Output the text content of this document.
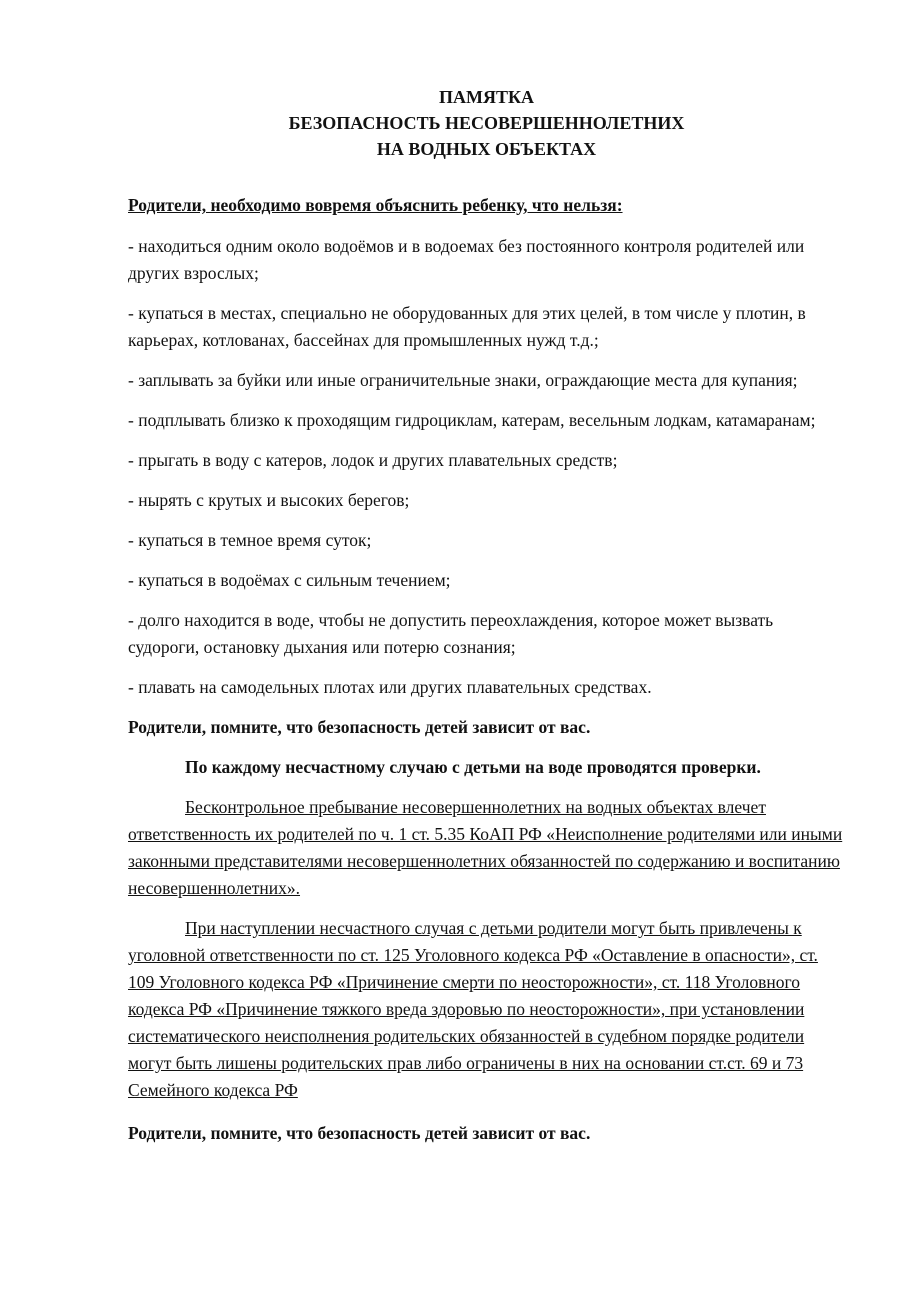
ПАМЯТКА
БЕЗОПАСНОСТЬ НЕСОВЕРШЕННОЛЕТНИХ
НА ВОДНЫХ ОБЪЕКТАХ

Родители, необходимо вовремя объяснить ребенку, что нельзя:

- находиться одним около водоёмов и в водоемах без постоянного контроля родителей или других взрослых;

- купаться в местах, специально не оборудованных для этих целей, в том числе у плотин, в карьерах, котлованах, бассейнах для промышленных нужд т.д.;

- заплывать за буйки или иные ограничительные знаки, ограждающие места для купания;

- подплывать близко к проходящим гидроциклам, катерам, весельным лодкам, катамаранам;

- прыгать в воду с катеров, лодок и других плавательных средств;

- нырять с крутых и высоких берегов;

- купаться в темное время суток;

- купаться в водоёмах с сильным течением;

- долго находится в воде, чтобы не допустить переохлаждения, которое может вызвать судороги, остановку дыхания или потерю сознания;

- плавать на самодельных плотах или других плавательных средствах.

Родители, помните, что безопасность детей зависит от вас.

По каждому несчастному случаю с детьми на воде проводятся проверки.

Бесконтрольное пребывание несовершеннолетних на водных объектах влечет ответственность их родителей по ч. 1 ст. 5.35 КоАП РФ «Неисполнение родителями или иными законными представителями несовершеннолетних обязанностей по содержанию и воспитанию несовершеннолетних».

При наступлении несчастного случая с детьми родители могут быть привлечены к уголовной ответственности по ст. 125 Уголовного кодекса РФ «Оставление в опасности», ст. 109 Уголовного кодекса РФ «Причинение смерти по неосторожности», ст. 118 Уголовного кодекса РФ «Причинение тяжкого вреда здоровью по неосторожности», при установлении систематического неисполнения родительских обязанностей в судебном порядке родители могут быть лишены родительских прав либо ограничены в них на основании ст.ст. 69 и 73 Семейного кодекса РФ

Родители, помните, что безопасность детей зависит от вас.
